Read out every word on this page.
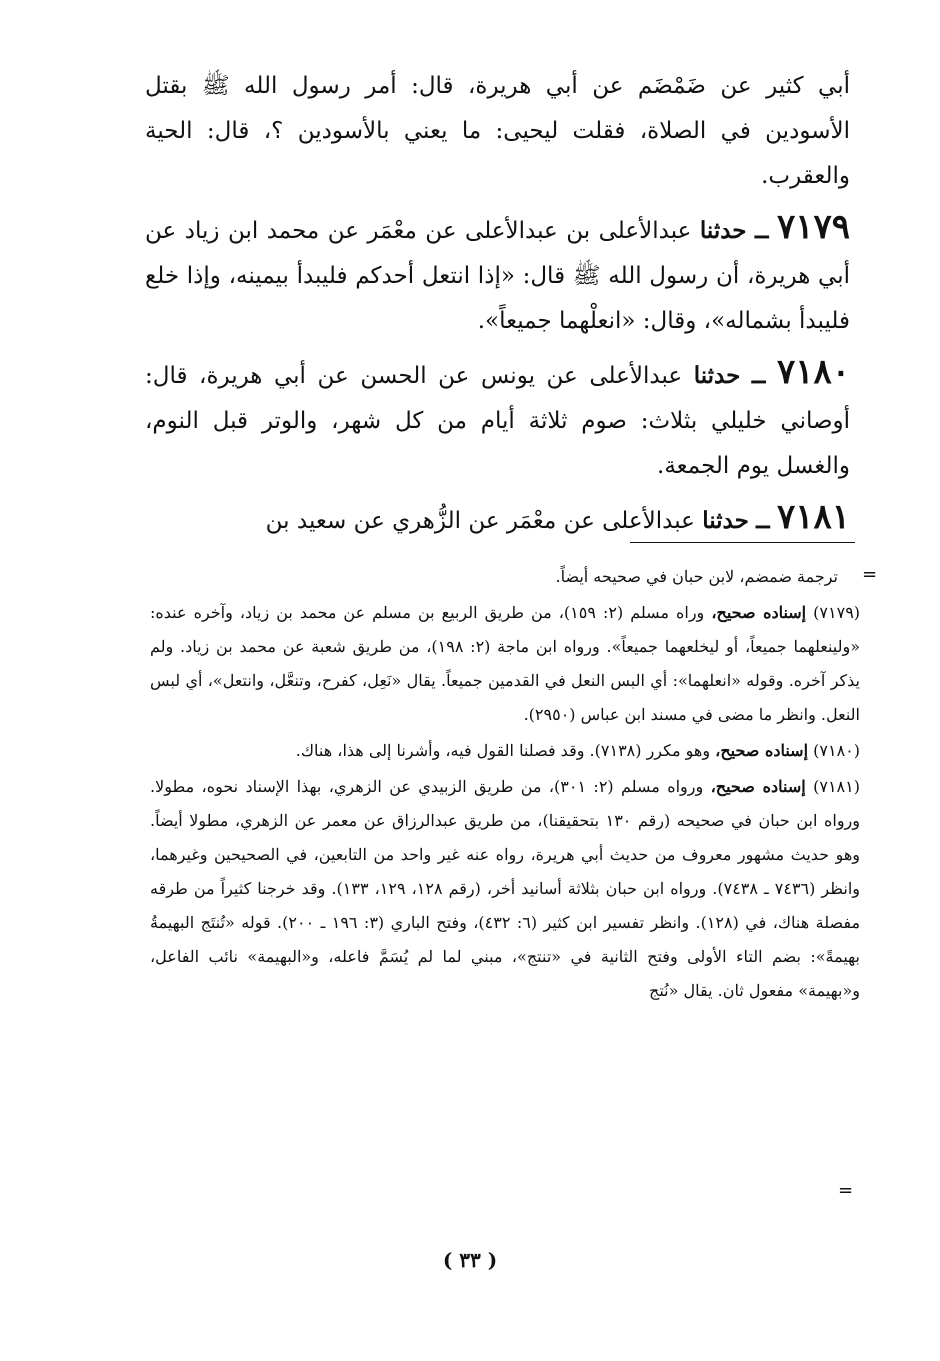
أبي كثير عن ضَمْضَم عن أبي هريرة، قال: أمر رسول الله ﷺ بقتل الأسودين في الصلاة، فقلت ليحيى: ما يعني بالأسودين ؟، قال: الحية والعقرب.

٧١٧٩ ــ حدثنا عبدالأعلى بن عبدالأعلى عن معْمَر عن محمد ابن زياد عن أبي هريرة، أن رسول الله ﷺ قال: «إذا انتعل أحدكم فليبدأ بيمينه، وإذا خلع فليبدأ بشماله»، وقال: «انعلْهما جميعاً».

٧١٨٠ ــ حدثنا عبدالأعلى عن يونس عن الحسن عن أبي هريرة، قال: أوصاني خليلي بثلاث: صوم ثلاثة أيام من كل شهر، والوتر قبل النوم، والغسل يوم الجمعة.

٧١٨١ ــ حدثنا عبدالأعلى عن معْمَر عن الزُّهري عن سعيد بن

=

ترجمة ضمضم، لابن حبان في صحيحه أيضاً.

(٧١٧٩) إسناده صحيح، وراه مسلم (٢: ١٥٩)، من طريق الربيع بن مسلم عن محمد بن زياد، وآخره عنده: «ولينعلهما جميعاً، أو ليخلعهما جميعاً». ورواه ابن ماجة (٢: ١٩٨)، من طريق شعبة عن محمد بن زياد. ولم يذكر آخره. وقوله «انعلهما»: أي البس النعل في القدمين جميعاً. يقال «نَعِل، كفرح، وتنعَّل، وانتعل»، أي لبس النعل. وانظر ما مضى في مسند ابن عباس (٢٩٥٠).

(٧١٨٠) إسناده صحيح، وهو مكرر (٧١٣٨). وقد فصلنا القول فيه، وأشرنا إلى هذا، هناك.

(٧١٨١) إسناده صحيح، ورواه مسلم (٢: ٣٠١)، من طريق الزبيدي عن الزهري، بهذا الإسناد نحوه، مطولا. ورواه ابن حبان في صحيحه (رقم ١٣٠ بتحقيقنا)، من طريق عبدالرزاق عن معمر عن الزهري، مطولا أيضاً. وهو حديث مشهور معروف من حديث أبي هريرة، رواه عنه غير واحد من التابعين، في الصحيحين وغيرهما، وانظر (٧٤٣٦ ـ ٧٤٣٨). ورواه ابن حبان بثلاثة أسانيد أخر، (رقم ١٢٨، ١٢٩، ١٣٣). وقد خرجنا كثيراً من طرقه مفصلة هناك، في (١٢٨). وانظر تفسير ابن كثير (٦: ٤٣٢)، وفتح الباري (٣: ١٩٦ ـ ٢٠٠). قوله «تُنتَج البهيمةُ بهيمةً»: بضم التاء الأولى وفتح الثانية في «تنتج»، مبني لما لم يُسَمَّ فاعله، و«البهيمة» نائب الفاعل، و«بهيمة» مفعول ثان. يقال «نُتج

=
( ٣٣ )
